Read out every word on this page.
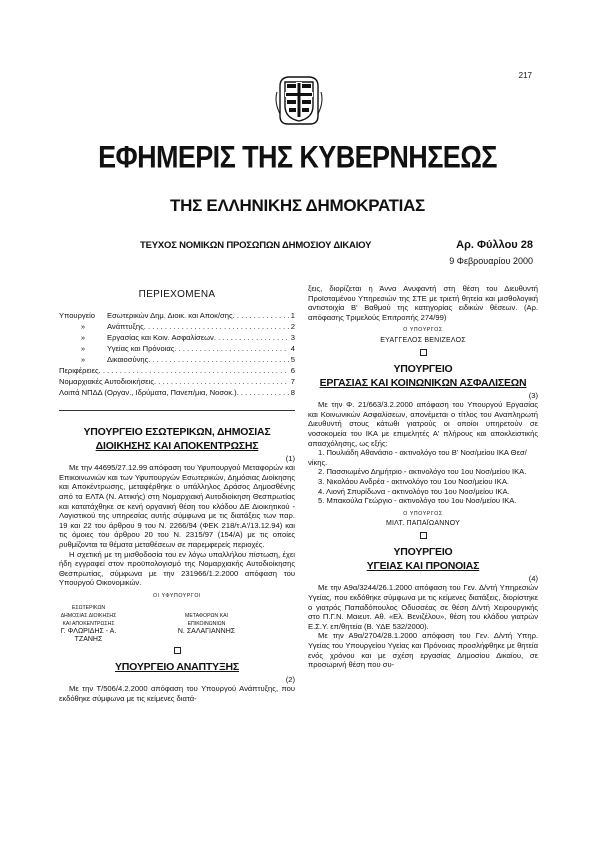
217
ΕΦΗΜΕΡΙΣ ΤΗΣ ΚΥΒΕΡΝΗΣΕΩΣ
ΤΗΣ ΕΛΛΗΝΙΚΗΣ ΔΗΜΟΚΡΑΤΙΑΣ
ΤΕΥΧΟΣ ΝΟΜΙΚΩΝ ΠΡΟΣΩΠΩΝ ΔΗΜΟΣΙΟΥ ΔΙΚΑΙΟΥ	Αρ. Φύλλου 28
9 Φεβρουαρίου 2000
ΠΕΡΙΕΧΟΜΕΝΑ
Υπουργείο	Εσωτερικών Δημ. Διοικ. και Αποκ/σης . . .	1
»	Ανάπτυξης . . .	2
»	Εργασίας και Κοιν. Ασφαλίσεων . . .	3
»	Υγείας και Πρόνοιας . . .	4
»	Δικαιοσύνης . . .	5
Περιφέρειες . . .	6
Νομαρχιακές Αυτοδιοικήσεις . . .	7
Λοιπά ΝΠΔΔ (Οργαν., Ιδρύματα, Πανεπ/μια, Νοσοκ.) . . .	8
ΥΠΟΥΡΓΕΙΟ ΕΣΩΤΕΡΙΚΩΝ, ΔΗΜΟΣΙΑΣ
ΔΙΟΙΚΗΣΗΣ ΚΑΙ ΑΠΟΚΕΝΤΡΩΣΗΣ
(1)

Με την 44695/27.12.99 απόφαση του Υφυπουργού Μεταφορών και Επικοινωνιών και των Υφυπουργών Εσωτερικών, Δημόσιας Διοίκησης και Αποκέντρωσης, μεταφέρθηκε ο υπάλληλος Δράσος Δημοσθένης από τα ΕΛΤΑ (Ν. Αττικής) στη Νομαρχιακή Αυτοδιοίκηση Θεσπρωτίας και κατατάχθηκε σε κενή οργανική θέση του κλάδου ΔΕ Διοικητικού - Λογιστικού της υπηρεσίας αυτής σύμφωνα με τις διατάξεις των παρ. 19 και 22 του άρθρου 9 του Ν. 2266/94 (ΦΕΚ 218/τ.Α'/13.12.94) και τις όμοιες του άρθρου 20 του Ν. 2315/97 (154/Α) με τις οποίες ρυθμίζονται τα θέματα μεταθέσεων σε παρεμφερείς περιοχές.

Η σχετική με τη μισθοδοσία του εν λόγω υπαλλήλου πίστωση, έχει ήδη εγγραφεί στον προϋπολογισμό της Νομαρχιακής Αυτοδιοίκησης Θεσπρωτίας, σύμφωνα με την 231966/1.2.2000 απόφαση του Υπουργού Οικονομικών.

ΟΙ ΥΦΥΠΟΥΡΓΟΙ
ΕΣΩΤΕΡΙΚΩΝ ΔΗΜΟΣΙΑΣ ΔΙΟΙΚΗΣΗΣ
ΚΑΙ ΑΠΟΚΕΝΤΡΩΣΗΣ
Γ. ΦΛΩΡΙΔΗΣ - Α. ΤΖΑΝΗΣ

ΜΕΤΑΦΟΡΩΝ ΚΑΙ ΕΠΙΚΟΙΝΩΝΙΩΝ
Ν. ΣΑΛΑΓΙΑΝΝΗΣ
ΥΠΟΥΡΓΕΙΟ ΑΝΑΠΤΥΞΗΣ
(2)

Με την Τ/506/4.2.2000 απόφαση του Υπουργού Ανάπτυξης, που εκδόθηκε σύμφωνα με τις κείμενες διατά-

ξεις, διορίζεται η Άννα Ανυφαντή στη θέση του Διευθυντή Προϊσταμένου Υπηρεσιών της ΣΤΕ με τριετή θητεία και μισθολογική αντιστοιχία Β' Βαθμού της κατηγορίας ειδικών θέσεων. (Αρ. απόφασης Τριμελούς Επιτροπής 274/99)

Ο ΥΠΟΥΡΓΟΣ
ΕΥΑΓΓΕΛΟΣ ΒΕΝΙΖΕΛΟΣ
ΥΠΟΥΡΓΕΙΟ
ΕΡΓΑΣΙΑΣ ΚΑΙ ΚΟΙΝΩΝΙΚΩΝ ΑΣΦΑΛΙΣΕΩΝ
(3)

Με την Φ. 21/663/3.2.2000 απόφαση του Υπουργού Εργασίας και Κοινωνικών Ασφαλίσεων, απονέμεται ο τίτλος του Αναπληρωτή Διευθυντή στους κάτωθι γιατρούς οι οποίοι υπηρετούν σε νοσοκομεία του ΙΚΑ με επιμελητές Α' πλήρους και αποκλειστικής απασχόλησης, ως εξής:

1. Πουλιάδη Αθανάσιο - ακτινολόγο του Β' Νοσ/μείου ΙΚΑ Θεσ/νίκης.
2. Πασσιωμένο Δημήτριο - ακτινολόγο του 1ου Νοσ/μείου ΙΚΑ.
3. Νικολάου Ανδρέα - ακτινολόγο του 1ου Νοσ/μείου ΙΚΑ.
4. Λιονή Σπυρίδωνα - ακτινολόγο του 1ου Νοσ/μείου ΙΚΑ.
5. Μπακούλα Γεώργιο - ακτινολόγο του 1ου Νοσ/μείου ΙΚΑ.
Ο ΥΠΟΥΡΓΟΣ
ΜΙΛΤ. ΠΑΠΑΪΩΑΝΝΟΥ
ΥΠΟΥΡΓΕΙΟ
ΥΓΕΙΑΣ ΚΑΙ ΠΡΟΝΟΙΑΣ
(4)

Με την Α9α/3244/26.1.2000 απόφαση του Γεν. Δ/ντή Υπηρεσιών Υγείας, που εκδόθηκε σύμφωνα με τις κείμενες διατάξεις, διορίστηκε ο γιατρός Παπαδόπουλος Οδυσσέας σε θέση Δ/ντή Χειρουργικής στο Π.Γ.Ν. Μαιευτ. Αθ. «Ελ. Βενιζέλου», θέση του κλάδου γιατρών Ε.Σ.Υ. επ/θητεία (Β. ΥΔΕ 532/2000).

Με την Α9α/2704/28.1.2000 απόφαση του Γεν. Δ/ντή Υπηρ. Υγείας του Υπουργείου Υγείας και Πρόνοιας προσλήφθηκε με θητεία ενός χρόνου και με σχέση εργασίας Δημοσίου Δικαίου, σε προσωρινή θέση που συ-
